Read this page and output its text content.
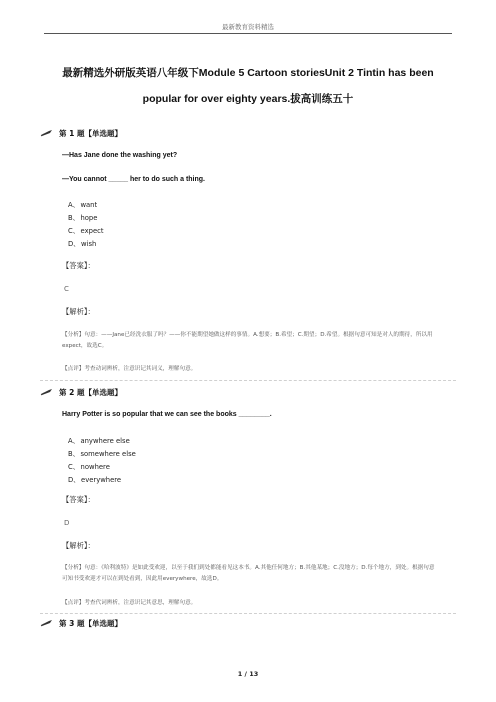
最新教育资料精选
最新精选外研版英语八年级下Module 5 Cartoon storiesUnit 2 Tintin has been
popular for over eighty years.拔高训练五十
第 1 题【单选题】
—Has Jane done the washing yet?
—You cannot _____ her to do such a thing.
A、want
B、hope
C、expect
D、wish
【答案】：
C
【解析】：
【分析】句意：——Jane已经洗衣服了吗？——你不能期望她做这样的事情。A.想要；B.希望；C.期望；D.希望。根据句意可知是对人的期待，所以用expect，故选C。
【点评】考查动词辨析，注意识记其词义，理解句意。
第 2 题【单选题】
Harry Potter is so popular that we can see the books ________.
A、anywhere else
B、somewhere else
C、nowhere
D、everywhere
【答案】：
D
【解析】：
【分析】句意：《哈利波特》是如此受欢迎，以至于我们到处都能看见这本书。A.其他任何地方；B.其他某地；C.没地方；D.每个地方，到处。根据句意可知书受欢迎才可以在到处看到，因此用everywhere，故选D。
【点评】考查代词辨析，注意识记其意思，理解句意。
第 3 题【单选题】
1 / 13
